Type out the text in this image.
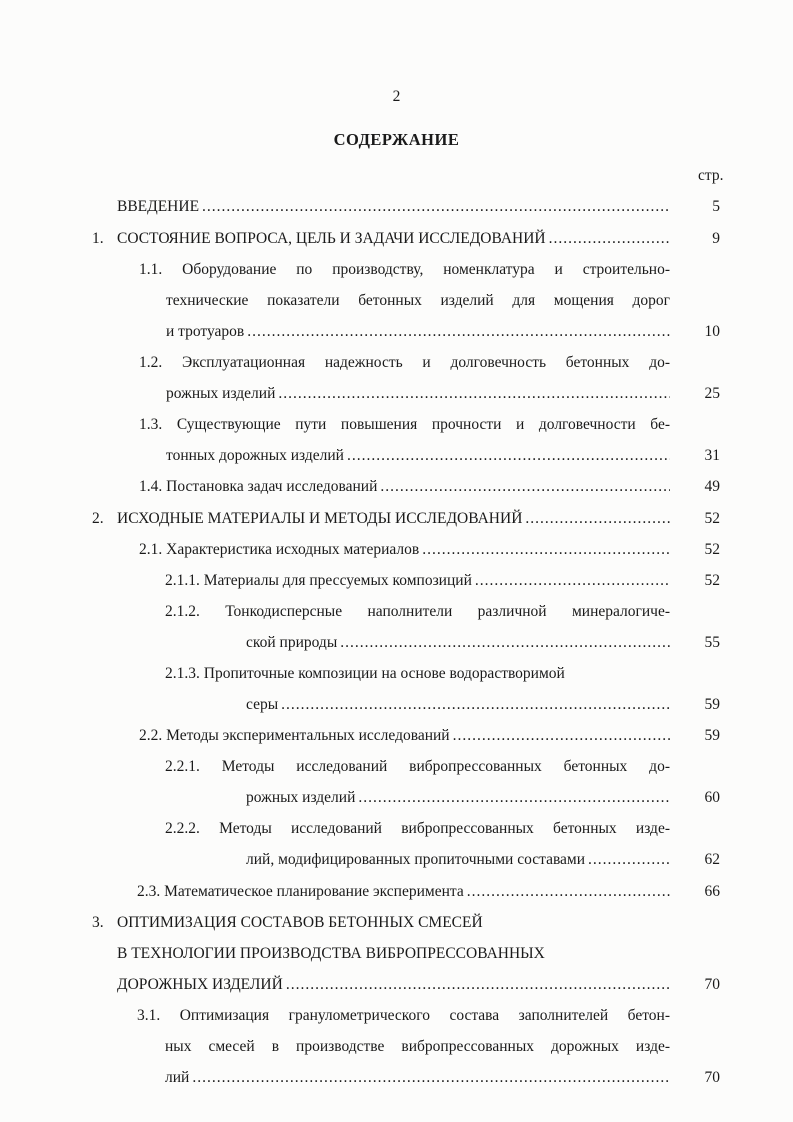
2
СОДЕРЖАНИЕ
стр.
ВВЕДЕНИЕ .....	5
1. СОСТОЯНИЕ ВОПРОСА, ЦЕЛЬ И ЗАДАЧИ ИССЛЕДОВАНИЙ .....	9
1.1. Оборудование по производству, номенклатура и строительно-
технические показатели бетонных изделий для мощения дорог
и тротуаров .....	10
1.2. Эксплуатационная надежность и долговечность бетонных до-
рожных изделий .....	25
1.3. Существующие пути повышения прочности и долговечности бе-
тонных дорожных изделий .....	31
1.4. Постановка задач исследований .....	49
2. ИСХОДНЫЕ МАТЕРИАЛЫ И МЕТОДЫ ИССЛЕДОВАНИЙ .....	52
2.1. Характеристика исходных материалов .....	52
2.1.1. Материалы для прессуемых композиций .....	52
2.1.2. Тонкодисперсные наполнители различной минералогиче-
ской природы .....	55
2.1.3. Пропиточные композиции на основе водорастворимой
серы .....	59
2.2. Методы экспериментальных исследований .....	59
2.2.1. Методы исследований вибропрессованных бетонных до-
рожных изделий .....	60
2.2.2. Методы исследований вибропрессованных бетонных изде-
лий, модифицированных пропиточными составами .....	62
2.3. Математическое планирование эксперимента .....	66
3. ОПТИМИЗАЦИЯ СОСТАВОВ БЕТОННЫХ СМЕСЕЙ
В ТЕХНОЛОГИИ ПРОИЗВОДСТВА ВИБРОПРЕССОВАННЫХ
ДОРОЖНЫХ ИЗДЕЛИЙ .....	70
3.1. Оптимизация гранулометрического состава заполнителей бетон-
ных смесей в производстве вибропрессованных дорожных изде-
лий .....	70
